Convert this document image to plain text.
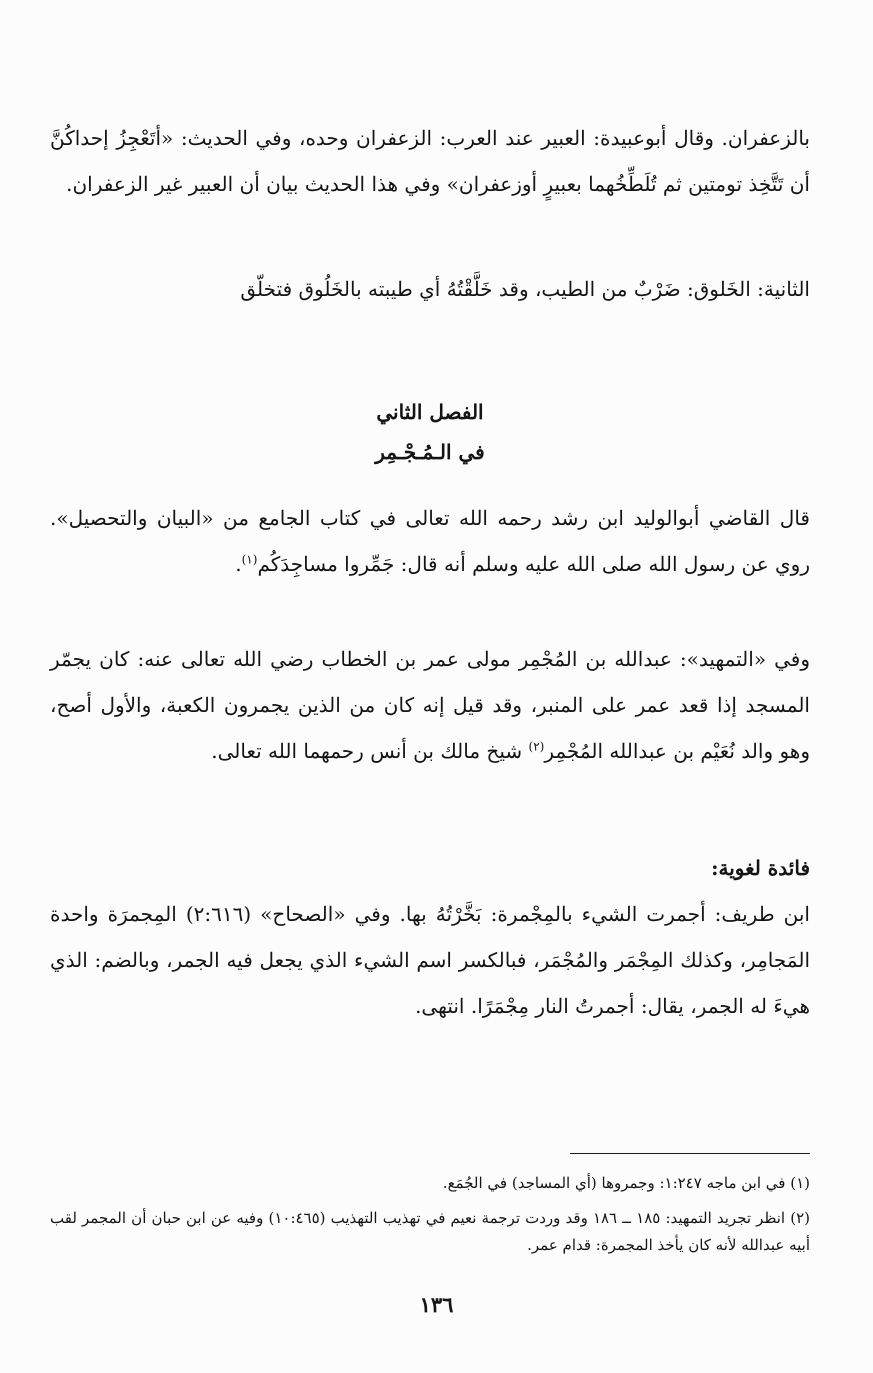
بالزعفران. وقال أبوعبيدة: العبير عند العرب: الزعفران وحده، وفي الحديث: «أتَعْجِزُ إحداكُنَّ أن تَتَّخِذ تومتين ثم تُلَطِّخُهما بعبيرٍ أوزعفران» وفي هذا الحديث بيان أن العبير غير الزعفران.

الثانية: الخَلوق: ضَرْبٌ من الطيب، وقد خَلَّقْتُهُ أي طيبته بالخَلُوق فتخلّق

الفصل الثاني
في الـمُـجْـمِر

قال القاضي أبوالوليد ابن رشد رحمه الله تعالى في كتاب الجامع من «البيان والتحصيل». روي عن رسول الله صلى الله عليه وسلم أنه قال: جَمِّروا مساجِدَكُم$^{(١)}$.

وفي «التمهيد»: عبدالله بن المُجْمِر مولى عمر بن الخطاب رضي الله تعالى عنه: كان يجمّر المسجد إذا قعد عمر على المنبر، وقد قيل إنه كان من الذين يجمرون الكعبة، والأول أصح، وهو والد نُعَيْم بن عبدالله المُجْمِر$^{(٢)}$ شيخ مالك بن أنس رحمهما الله تعالى.

فائدة لغوية:

ابن طريف: أجمرت الشيء بالمِجْمرة: بَخَّرْتُهُ بها. وفي «الصحاح» (٢:٦١٦) المِجمرَة واحدة المَجامِر، وكذلك المِجْمَر والمُجْمَر، فبالكسر اسم الشيء الذي يجعل فيه الجمر، وبالضم: الذي هيءَ له الجمر، يقال: أجمرتُ النار مِجْمَرًا. انتهى.

(١) في ابن ماجه ١:٢٤٧: وجمروها (أي المساجد) في الجُمَع.

(٢) انظر تجريد التمهيد: ١٨٥ ــ ١٨٦ وقد وردت ترجمة نعيم في تهذيب التهذيب (١٠:٤٦٥) وفيه عن ابن حبان أن المجمر لقب أبيه عبدالله لأنه كان يأخذ المجمرة: قدام عمر.

١٣٦
